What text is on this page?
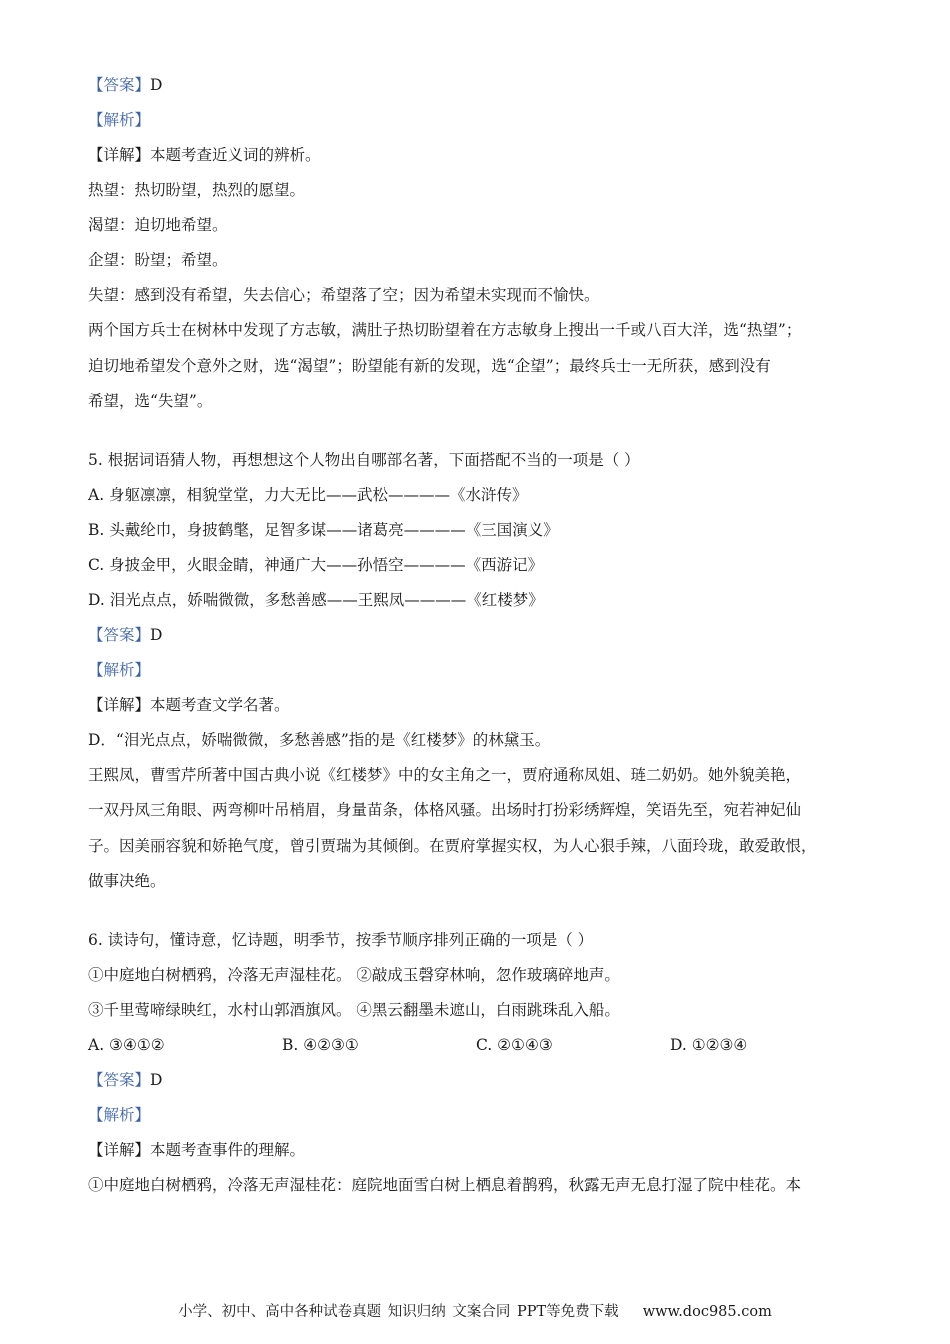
【答案】D
【解析】
【详解】本题考查近义词的辨析。
热望：热切盼望，热烈的愿望。
渴望：迫切地希望。
企望：盼望；希望。
失望：感到没有希望，失去信心；希望落了空；因为希望未实现而不愉快。
两个国方兵士在树林中发现了方志敏，满肚子热切盼望着在方志敏身上搜出一千或八百大洋，选“热望”；
迫切地希望发个意外之财，选“渴望”；盼望能有新的发现，选“企望”；最终兵士一无所获，感到没有
希望，选“失望”。
5. 根据词语猜人物，再想想这个人物出自哪部名著，下面搭配不当的一项是（ ）
A. 身躯凛凛，相貌堂堂，力大无比——武松————《水浒传》
B. 头戴纶巾，身披鹤氅，足智多谋——诸葛亮————《三国演义》
C. 身披金甲，火眼金睛，神通广大——孙悟空————《西游记》
D. 泪光点点，娇喘微微，多愁善感——王熙凤————《红楼梦》
【答案】D
【解析】
【详解】本题考查文学名著。
D．“泪光点点，娇喘微微，多愁善感”指的是《红楼梦》的林黛玉。
王熙凤，曹雪芹所著中国古典小说《红楼梦》中的女主角之一，贾府通称凤姐、琏二奶奶。她外貌美艳，
一双丹凤三角眼、两弯柳叶吊梢眉，身量苗条，体格风骚。出场时打扮彩绣辉煌，笑语先至，宛若神妃仙
子。因美丽容貌和娇艳气度，曾引贾瑞为其倾倒。在贾府掌握实权，为人心狠手辣，八面玲珑，敢爱敢恨，
做事决绝。
6. 读诗句，懂诗意，忆诗题，明季节，按季节顺序排列正确的一项是（ ）
①中庭地白树栖鸦，冷落无声湿桂花。 ②敲成玉磬穿林响，忽作玻璃碎地声。
③千里莺啼绿映红，水村山郭酒旗风。 ④黑云翻墨未遮山，白雨跳珠乱入船。
A. ③④①②	B. ④②③①	C. ②①④③	D. ①②③④
【答案】D
【解析】
【详解】本题考查事件的理解。
①中庭地白树栖鸦，冷落无声湿桂花：庭院地面雪白树上栖息着鹊鸦，秋露无声无息打湿了院中桂花。本
小学、初中、高中各种试卷真题 知识归纳 文案合同 PPT等免费下载 www.doc985.com
